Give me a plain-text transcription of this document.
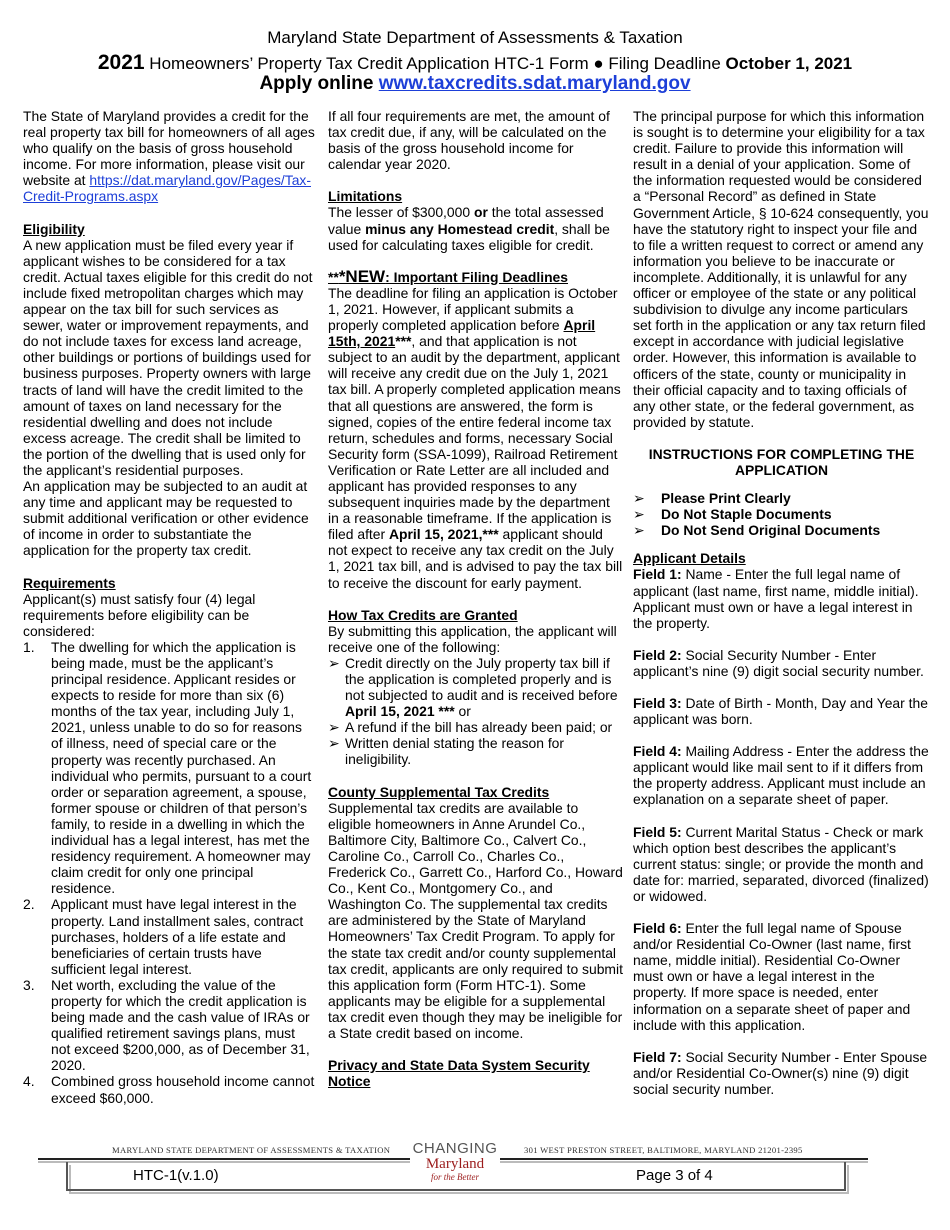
Maryland State Department of Assessments & Taxation
2021 Homeowners’ Property Tax Credit Application HTC-1 Form ● Filing Deadline October 1, 2021
Apply online www.taxcredits.sdat.maryland.gov

The State of Maryland provides a credit for the real property tax bill for homeowners of all ages who qualify on the basis of gross household income. For more information, please visit our website at https://dat.maryland.gov/Pages/Tax-Credit-Programs.aspx

Eligibility

A new application must be filed every year if applicant wishes to be considered for a tax credit. Actual taxes eligible for this credit do not include fixed metropolitan charges which may appear on the tax bill for such services as sewer, water or improvement repayments, and do not include taxes for excess land acreage, other buildings or portions of buildings used for business purposes. Property owners with large tracts of land will have the credit limited to the amount of taxes on land necessary for the residential dwelling and does not include excess acreage. The credit shall be limited to the portion of the dwelling that is used only for the applicant’s residential purposes.

An application may be subjected to an audit at any time and applicant may be requested to submit additional verification or other evidence of income in order to substantiate the application for the property tax credit.

Requirements

Applicant(s) must satisfy four (4) legal requirements before eligibility can be considered:

1. The dwelling for which the application is being made, must be the applicant’s principal residence. Applicant resides or expects to reside for more than six (6) months of the tax year, including July 1, 2021, unless unable to do so for reasons of illness, need of special care or the property was recently purchased. An individual who permits, pursuant to a court order or separation agreement, a spouse, former spouse or children of that person’s family, to reside in a dwelling in which the individual has a legal interest, has met the residency requirement. A homeowner may claim credit for only one principal residence.
2. Applicant must have legal interest in the property. Land installment sales, contract purchases, holders of a life estate and beneficiaries of certain trusts have sufficient legal interest.
3. Net worth, excluding the value of the property for which the credit application is being made and the cash value of IRAs or qualified retirement savings plans, must not exceed $200,000, as of December 31, 2020.
4. Combined gross household income cannot exceed $60,000.

If all four requirements are met, the amount of tax credit due, if any, will be calculated on the basis of the gross household income for calendar year 2020.

Limitations

The lesser of $300,000 or the total assessed value minus any Homestead credit, shall be used for calculating taxes eligible for credit.

***NEW: Important Filing Deadlines

The deadline for filing an application is October 1, 2021. However, if applicant submits a properly completed application before April 15th, 2021***, and that application is not subject to an audit by the department, applicant will receive any credit due on the July 1, 2021 tax bill. A properly completed application means that all questions are answered, the form is signed, copies of the entire federal income tax return, schedules and forms, necessary Social Security form (SSA-1099), Railroad Retirement Verification or Rate Letter are all included and applicant has provided responses to any subsequent inquiries made by the department in a reasonable timeframe. If the application is filed after April 15, 2021,*** applicant should not expect to receive any tax credit on the July 1, 2021 tax bill, and is advised to pay the tax bill to receive the discount for early payment.

How Tax Credits are Granted

By submitting this application, the applicant will receive one of the following:

➢ Credit directly on the July property tax bill if the application is completed properly and is not subjected to audit and is received before April 15, 2021 *** or
➢ A refund if the bill has already been paid; or
➢ Written denial stating the reason for ineligibility.

County Supplemental Tax Credits

Supplemental tax credits are available to eligible homeowners in Anne Arundel Co., Baltimore City, Baltimore Co., Calvert Co., Caroline Co., Carroll Co., Charles Co., Frederick Co., Garrett Co., Harford Co., Howard Co., Kent Co., Montgomery Co., and Washington Co. The supplemental tax credits are administered by the State of Maryland Homeowners’ Tax Credit Program. To apply for the state tax credit and/or county supplemental tax credit, applicants are only required to submit this application form (Form HTC-1). Some applicants may be eligible for a supplemental tax credit even though they may be ineligible for a State credit based on income.

Privacy and State Data System Security Notice

The principal purpose for which this information is sought is to determine your eligibility for a tax credit. Failure to provide this information will result in a denial of your application. Some of the information requested would be considered a “Personal Record” as defined in State Government Article, § 10-624 consequently, you have the statutory right to inspect your file and to file a written request to correct or amend any information you believe to be inaccurate or incomplete. Additionally, it is unlawful for any officer or employee of the state or any political subdivision to divulge any income particulars set forth in the application or any tax return filed except in accordance with judicial legislative order. However, this information is available to officers of the state, county or municipality in their official capacity and to taxing officials of any other state, or the federal government, as provided by statute.

INSTRUCTIONS FOR COMPLETING THE APPLICATION

➢ Please Print Clearly
➢ Do Not Staple Documents
➢ Do Not Send Original Documents

Applicant Details

Field 1: Name - Enter the full legal name of applicant (last name, first name, middle initial). Applicant must own or have a legal interest in the property.

Field 2: Social Security Number - Enter applicant’s nine (9) digit social security number.

Field 3: Date of Birth - Month, Day and Year the applicant was born.

Field 4: Mailing Address - Enter the address the applicant would like mail sent to if it differs from the property address. Applicant must include an explanation on a separate sheet of paper.

Field 5: Current Marital Status - Check or mark which option best describes the applicant’s current status: single; or provide the month and date for: married, separated, divorced (finalized) or widowed.

Field 6: Enter the full legal name of Spouse and/or Residential Co-Owner (last name, first name, middle initial). Residential Co-Owner must own or have a legal interest in the property. If more space is needed, enter information on a separate sheet of paper and include with this application.

Field 7: Social Security Number - Enter Spouse and/or Residential Co-Owner(s) nine (9) digit social security number.

MARYLAND STATE DEPARTMENT OF ASSESSMENTS & TAXATION	301 WEST PRESTON STREET, BALTIMORE, MARYLAND 21201-2395
HTC-1(v.1.0)	Page 3 of 4
CHANGING
Maryland
for the Better
